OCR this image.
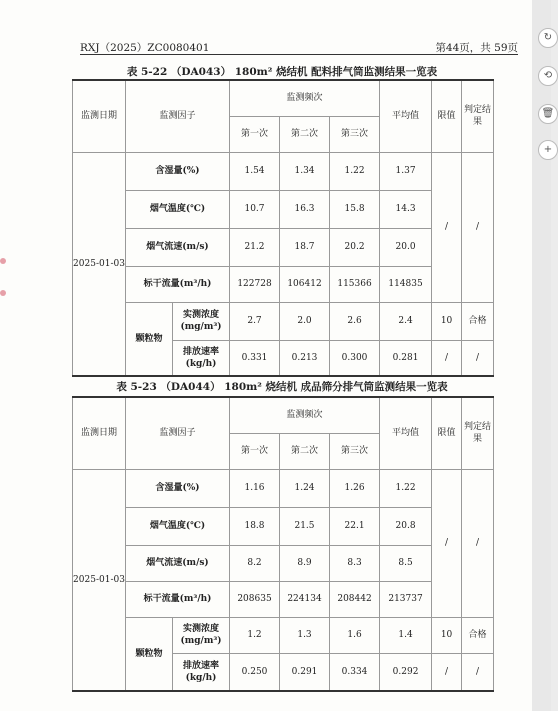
RXJ（2025）ZC0080401	第44页，共 59页
表 5-22 （DA043） 180m² 烧结机 配料排气筒监测结果一览表
监测日期	监测因子		监测频次			平均值	限值	判定结果
			第一次	第二次	第三次			
2025-01-03	含湿量(%)		1.54	1.34	1.22	1.37	/	/
	烟气温度(℃)		10.7	16.3	15.8	14.3		
	烟气流速(m/s)		21.2	18.7	20.2	20.0		
	标干流量(m³/h)		122728	106412	115366	114835		
	颗粒物	实测浓度(mg/m³)	2.7	2.0	2.6	2.4	10	合格
		排放速率(kg/h)	0.331	0.213	0.300	0.281	/	/
表 5-23 （DA044） 180m² 烧结机 成品筛分排气筒监测结果一览表
监测日期	监测因子		监测频次			平均值	限值	判定结果
			第一次	第二次	第三次			
2025-01-03	含湿量(%)		1.16	1.24	1.26	1.22	/	/
	烟气温度(℃)		18.8	21.5	22.1	20.8		
	烟气流速(m/s)		8.2	8.9	8.3	8.5		
	标干流量(m³/h)		208635	224134	208442	213737		
	颗粒物	实测浓度(mg/m³)	1.2	1.3	1.6	1.4	10	合格
		排放速率(kg/h)	0.250	0.291	0.334	0.292	/	/
↻
⟲
🗑
+
